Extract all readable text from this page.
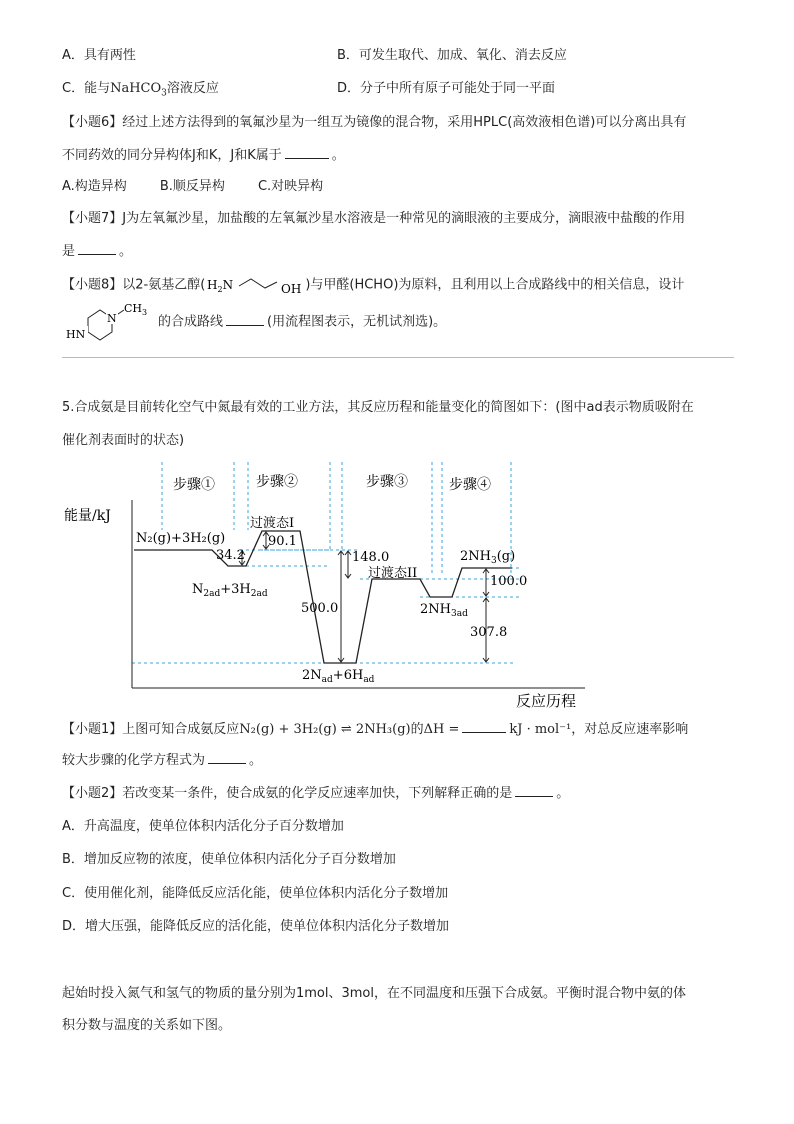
A．具有两性	B．可发生取代、加成、氧化、消去反应
C．能与NaHCO$_3$溶液反应	D．分子中所有原子可能处于同一平面
【小题6】经过上述方法得到的氧氟沙星为一组互为镜像的混合物，采用HPLC(高效液相色谱)可以分离出具有
不同药效的同分异构体J和K，J和K属于	。
A.构造异构        B.顺反异构        C.对映异构
【小题7】J为左氧氟沙星，加盐酸的左氧氟沙星水溶液是一种常见的滴眼液的主要成分，滴眼液中盐酸的作用
是	。
【小题8】以2-氨基乙醇( $H_2N$	OH )与甲醛(HCHO)为原料，且利用以上合成路线中的相关信息，设计
N
$CH_3$
HN
的合成路线	(用流程图表示，无机试剂选)。
5.合成氨是目前转化空气中氮最有效的工业方法，其反应历程和能量变化的简图如下：(图中ad表示物质吸附在
催化剂表面时的状态)
步骤①	步骤②	步骤③	步骤④
能量/kJ
反应历程
N₂(g)+3H₂(g)
过渡态I
过渡态II
$N_{2ad}+3H_{2ad}$
$2N_{ad}+6H_{ad}$
$2NH_{3ad}$
$2NH_3(g)$
34.2
90.1
148.0
500.0
100.0
307.8
【小题1】上图可知合成氨反应N₂(g) + 3H₂(g) ⇌ 2NH₃(g)的ΔH =	kJ · mol⁻¹，对总反应速率影响
较大步骤的化学方程式为	。
【小题2】若改变某一条件，使合成氨的化学反应速率加快，下列解释正确的是	。
A．升高温度，使单位体积内活化分子百分数增加
B．增加反应物的浓度，使单位体积内活化分子百分数增加
C．使用催化剂，能降低反应活化能，使单位体积内活化分子数增加
D．增大压强，能降低反应的活化能，使单位体积内活化分子数增加
起始时投入氮气和氢气的物质的量分别为1mol、3mol，在不同温度和压强下合成氨。平衡时混合物中氨的体
积分数与温度的关系如下图。
